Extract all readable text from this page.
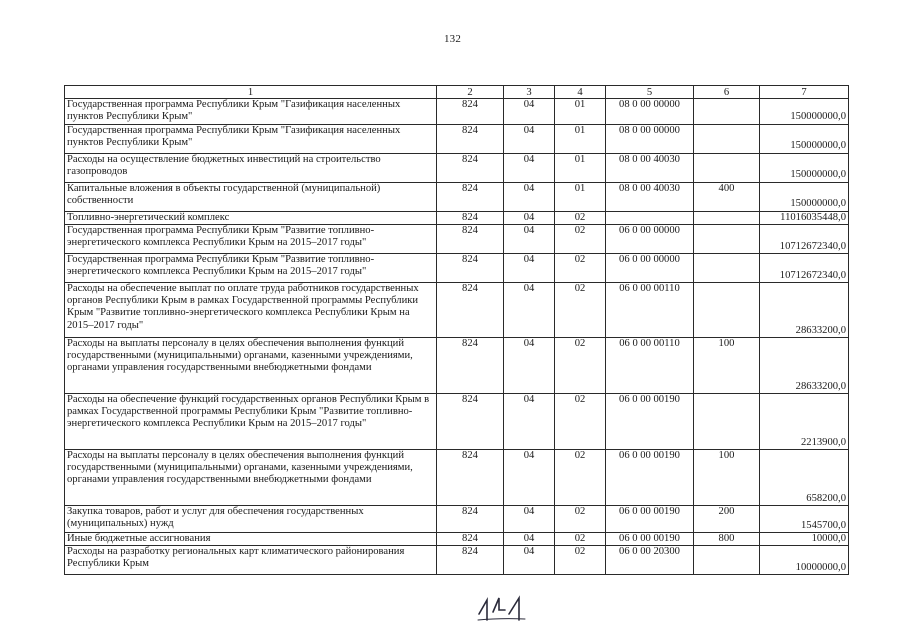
132
1	2	3	4	5	6	7
Государственная программа Республики Крым "Газификация населенных пунктов Республики Крым"	824	04	01	08 0 00 00000		150000000,0
Государственная программа Республики Крым "Газификация населенных пунктов Республики Крым"	824	04	01	08 0 00 00000		150000000,0
Расходы на осуществление бюджетных инвестиций на строительство газопроводов	824	04	01	08 0 00 40030		150000000,0
Капитальные вложения в объекты государственной (муниципальной) собственности	824	04	01	08 0 00 40030	400	150000000,0
Топливно-энергетический комплекс	824	04	02			11016035448,0
Государственная программа Республики Крым "Развитие топливно-энергетического комплекса Республики Крым на 2015–2017 годы"	824	04	02	06 0 00 00000		10712672340,0
Государственная программа Республики Крым "Развитие топливно-энергетического комплекса Республики Крым на 2015–2017 годы"	824	04	02	06 0 00 00000		10712672340,0
Расходы на обеспечение выплат по оплате труда работников государственных органов Республики Крым в рамках Государственной программы Республики Крым "Развитие топливно-энергетического комплекса Республики Крым на 2015–2017 годы"	824	04	02	06 0 00 00110		28633200,0
Расходы на выплаты персоналу в целях обеспечения выполнения функций государственными (муниципальными) органами, казенными учреждениями, органами управления государственными внебюджетными фондами	824	04	02	06 0 00 00110	100	28633200,0
Расходы на обеспечение функций государственных органов Республики Крым в рамках Государственной программы Республики Крым "Развитие топливно-энергетического комплекса Республики Крым на 2015–2017 годы"	824	04	02	06 0 00 00190		2213900,0
Расходы на выплаты персоналу в целях обеспечения выполнения функций государственными (муниципальными) органами, казенными учреждениями, органами управления государственными внебюджетными фондами	824	04	02	06 0 00 00190	100	658200,0
Закупка товаров, работ и услуг для обеспечения государственных (муниципальных) нужд	824	04	02	06 0 00 00190	200	1545700,0
Иные бюджетные ассигнования	824	04	02	06 0 00 00190	800	10000,0
Расходы на разработку региональных карт климатического районирования Республики Крым	824	04	02	06 0 00 20300		10000000,0
